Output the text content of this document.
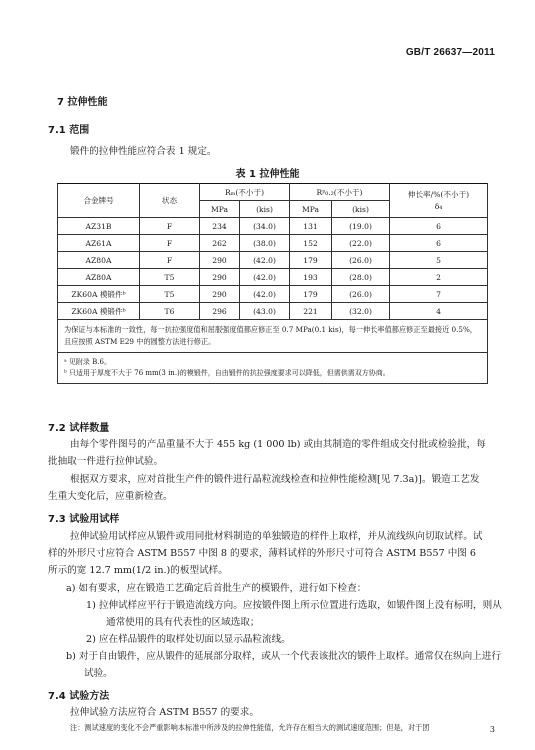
GB/T 26637—2011
7 拉伸性能
7.1 范围
锻件的拉伸性能应符合表 1 规定。
表 1 拉伸性能
合金牌号	状态	Rₘ(不小于)		Rᵖ₀.₂(不小于)		伸长率/%(不小于)
δ₄

		MPa	(kis)	MPa	(kis)	
AZ31B	F	234	(34.0)	131	(19.0)	6
AZ61A	F	262	(38.0)	152	(22.0)	6
AZ80A	F	290	(42.0)	179	(26.0)	5
AZ80A	T5	290	(42.0)	193	(28.0)	2
ZK60A 模锻件ᵇ	T5	290	(42.0)	179	(26.0)	7
ZK60A 模锻件ᵇ	T6	296	(43.0)	221	(32.0)	4
为保证与本标准的一致性，每一抗拉强度值和屈服强度值都应修正至 0.7 MPa(0.1 kis)，每一伸长率值都应修正至最接近 0.5%，且应按照 ASTM E29 中的圆整方法进行修正。						

ᵃ 见附录 B.6。
ᵇ 只适用于厚度不大于 76 mm(3 in.)的模锻件，自由锻件的抗拉强度要求可以降低，但需供需双方协商。						
7.2 试样数量
由每个零件图号的产品重量不大于 455 kg (1 000 lb) 或由其制造的零件组成交付批或检验批，每批抽取一件进行拉伸试验。
根据双方要求，应对首批生产件的锻件进行晶粒流线检查和拉伸性能检测[见 7.3a)]。锻造工艺发生重大变化后，应重新检查。
7.3 试验用试样
拉伸试验用试样应从锻件或用同批材料制造的单独锻造的样件上取样，并从流线纵向切取试样。试样的外形尺寸应符合 ASTM B557 中图 8 的要求，薄料试样的外形尺寸可符合 ASTM B557 中图 6 所示的宽 12.7 mm(1/2 in.)的板型试样。
a) 如有要求，应在锻造工艺确定后首批生产的模锻件，进行如下检查：
1) 拉伸试样应平行于锻造流线方向。应按锻件图上所示位置进行选取，如锻件图上没有标明，则从通常使用的具有代表性的区域选取；
2) 应在样品锻件的取样处切面以显示晶粒流线。
b) 对于自由锻件，应从锻件的延展部分取样，或从一个代表该批次的锻件上取样。通常仅在纵向上进行试验。
7.4 试验方法
拉伸试验方法应符合 ASTM B557 的要求。
注：测试速度的变化不会严重影响本标准中所涉及的拉伸性能值，允许存在相当大的测试速度范围；但是，对于团	3
